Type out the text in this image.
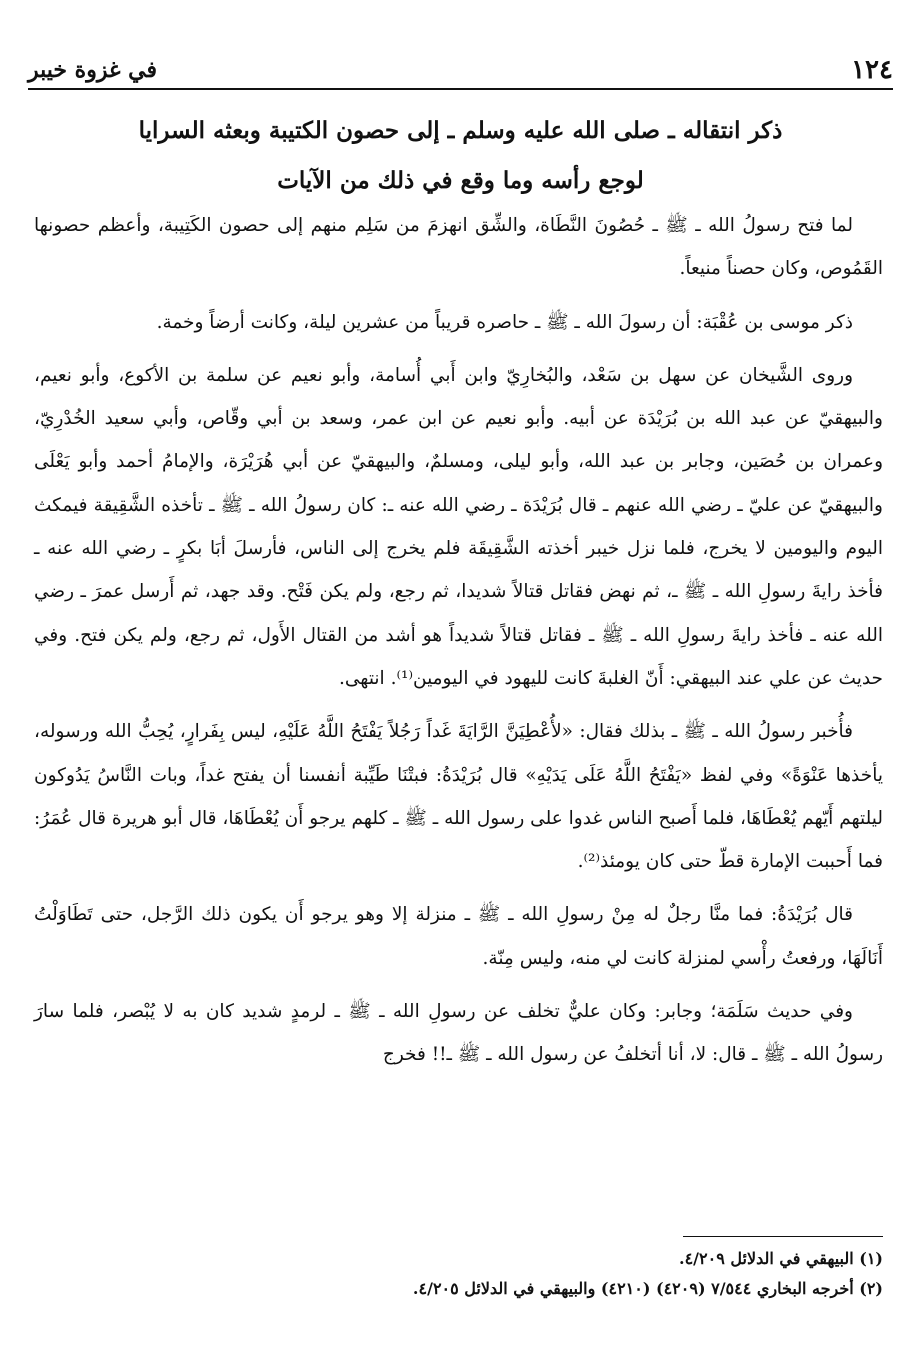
١٢٤
في غزوة خيبر
ذكر انتقاله ـ صلى الله عليه وسلم ـ إلى حصون الكتيبة وبعثه السرايا
لوجع رأسه وما وقع في ذلك من الآيات

لما فتح رسولُ الله ـ ﷺ ـ حُصُونَ النَّطَاة، والشِّق انهزمَ من سَلِم منهم إلى حصون الكَتِيبة، وأعظم حصونها القَمُوص، وكان حصناً منيعاً.

ذكر موسى بن عُقْبَة: أن رسولَ الله ـ ﷺ ـ حاصره قريباً من عشرين ليلة، وكانت أرضاً وخمة.

وروى الشَّيخان عن سهل بن سَعْد، والبُخارِيّ وابن أَبي أُسامة، وأبو نعيم عن سلمة بن الأكوع، وأبو نعيم، والبيهقيّ عن عبد الله بن بُرَيْدَة عن أبيه. وأبو نعيم عن ابن عمر، وسعد بن أبي وقّاص، وأبي سعيد الخُدْرِيّ، وعمران بن حُصَين، وجابر بن عبد الله، وأبو ليلى، ومسلمٌ، والبيهقيّ عن أبي هُرَيْرَة، والإمامُ أحمد وأبو يَعْلَى والبيهقيّ عن عليّ ـ رضي الله عنهم ـ قال بُرَيْدَة ـ رضي الله عنه ـ: كان رسولُ الله ـ ﷺ ـ تأخذه الشَّقِيقة فيمكث اليوم واليومين لا يخرج، فلما نزل خيبر أخذته الشَّقِيقَة فلم يخرج إلى الناس، فأرسلَ أبَا بكرٍ ـ رضي الله عنه ـ فأخذ رايةَ رسولِ الله ـ ﷺ ـ، ثم نهض فقاتل قتالاً شديدا، ثم رجع، ولم يكن فَتْح. وقد جهد، ثم أَرسل عمرَ ـ رضي الله عنه ـ فأخذ رايةَ رسولِ الله ـ ﷺ ـ فقاتل قتالاً شديداً هو أشد من القتال الأَول، ثم رجع، ولم يكن فتح. وفي حديث عن علي عند البيهقي: أَنّ الغلبةَ كانت لليهود في اليومين⁽¹⁾. انتهى.

فأُخبر رسولُ الله ـ ﷺ ـ بذلك فقال: «لأُعْطِيَنَّ الرَّايَةَ غَداً رَجُلاً يَفْتَحُ اللَّهُ عَلَيْهِ، ليس بِفَرارٍ، يُحِبُّ الله ورسوله، يأخذها عَنْوَةً» وفي لفظ «يَفْتَحُ اللَّهُ عَلَى يَدَيْهِ» قال بُرَيْدَةُ: فبتْنَا طَيِّبة أنفسنا أن يفتح غداً، وبات النَّاسُ يَدُوكون ليلتهم أَيّهم يُعْطَاهَا، فلما أَصبح الناس غدوا على رسول الله ـ ﷺ ـ كلهم يرجو أَن يُعْطَاهَا، قال أبو هريرة قال عُمَرُ: فما أَحببت الإمارة قطّ حتى كان يومئذ⁽²⁾.

قال بُرَيْدَةُ: فما منَّا رجلٌ له مِنْ رسولِ الله ـ ﷺ ـ منزلة إلا وهو يرجو أَن يكون ذلك الرَّجل، حتى تَطَاوَلْتُ أَنَالَهَا، ورفعتُ رأْسي لمنزلة كانت لي منه، وليس مِنّة.

وفي حديث سَلَمَة؛ وجابر: وكان عليٌّ تخلف عن رسولِ الله ـ ﷺ ـ لرمدٍ شديد كان به لا يُبْصر، فلما سارَ رسولُ الله ـ ﷺ ـ قال: لا، أنا أتخلفُ عن رسول الله ـ ﷺ ـ!! فخرج

(١) البيهقي في الدلائل ٤/٢٠٩.

(٢) أخرجه البخاري ٧/٥٤٤ (٤٢٠٩) (٤٢١٠) والبيهقي في الدلائل ٤/٢٠٥.
